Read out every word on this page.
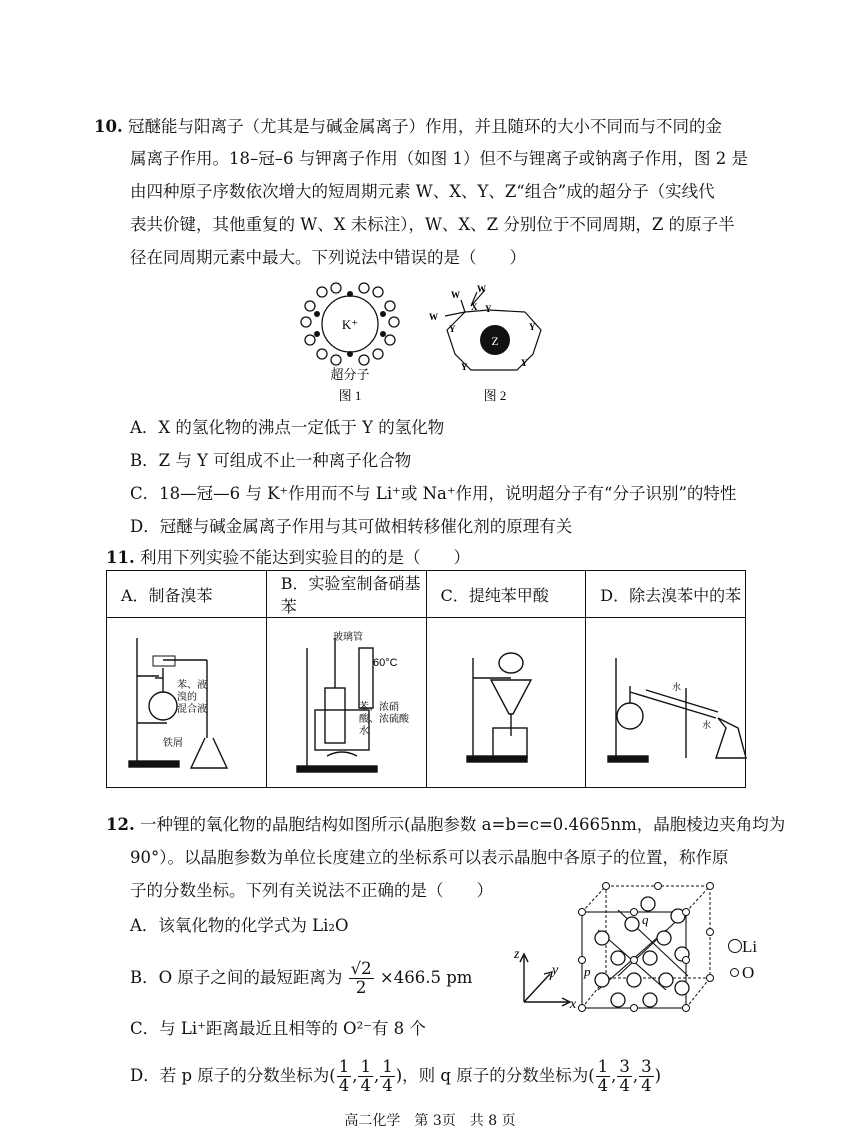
10. 冠醚能与阳离子（尤其是与碱金属离子）作用，并且随环的大小不同而与不同的金
属离子作用。18–冠–6 与钾离子作用（如图 1）但不与锂离子或钠离子作用，图 2 是
由四种原子序数依次增大的短周期元素 W、X、Y、Z“组合”成的超分子（实线代
表共价键，其他重复的 W、X 未标注），W、X、Z 分别位于不同周期，Z 的原子半
径在同周期元素中最大。下列说法中错误的是（　　）
K⁺
超分子
图 1
Z
W
W
W
X Y
Y	Y
Y	Y
图 2
A．X 的氢化物的沸点一定低于 Y 的氢化物
B．Z 与 Y 可组成不止一种离子化合物
C．18—冠—6 与 K⁺作用而不与 Li⁺或 Na⁺作用，说明超分子有“分子识别”的特性
D．冠醚与碱金属离子作用与其可做相转移催化剂的原理有关
11. 利用下列实验不能达到实验目的的是（　　）
A．制备溴苯	B．实验室制备硝基苯	C．提纯苯甲酸	D．除去溴苯中的苯

苯、液
溴的
混合液
铁屑	玻璃管
60°C
苯、浓硝
酸、浓硫酸
水		水
水
12. 一种锂的氧化物的晶胞结构如图所示(晶胞参数 a=b=c=0.4665nm，晶胞棱边夹角均为
90°）。以晶胞参数为单位长度建立的坐标系可以表示晶胞中各原子的位置，称作原
子的分数坐标。下列有关说法不正确的是（　　）
A．该氧化物的化学式为 Li₂O
B．O 原子之间的最短距离为 $\frac{√2}{2} \times 466.5$ pm
C．与 Li⁺距离最近且相等的 O²⁻有 8 个
D．若 p 原子的分数坐标为( $\frac{1}{4}$ , $\frac{1}{4}$ , $\frac{1}{4}$ )，则 q 原子的分数坐标为( $\frac{1}{4}$ , $\frac{3}{4}$ , $\frac{3}{4}$ )
z
y
x
q
p
Li
O
高二化学　第 3页　共 8 页
